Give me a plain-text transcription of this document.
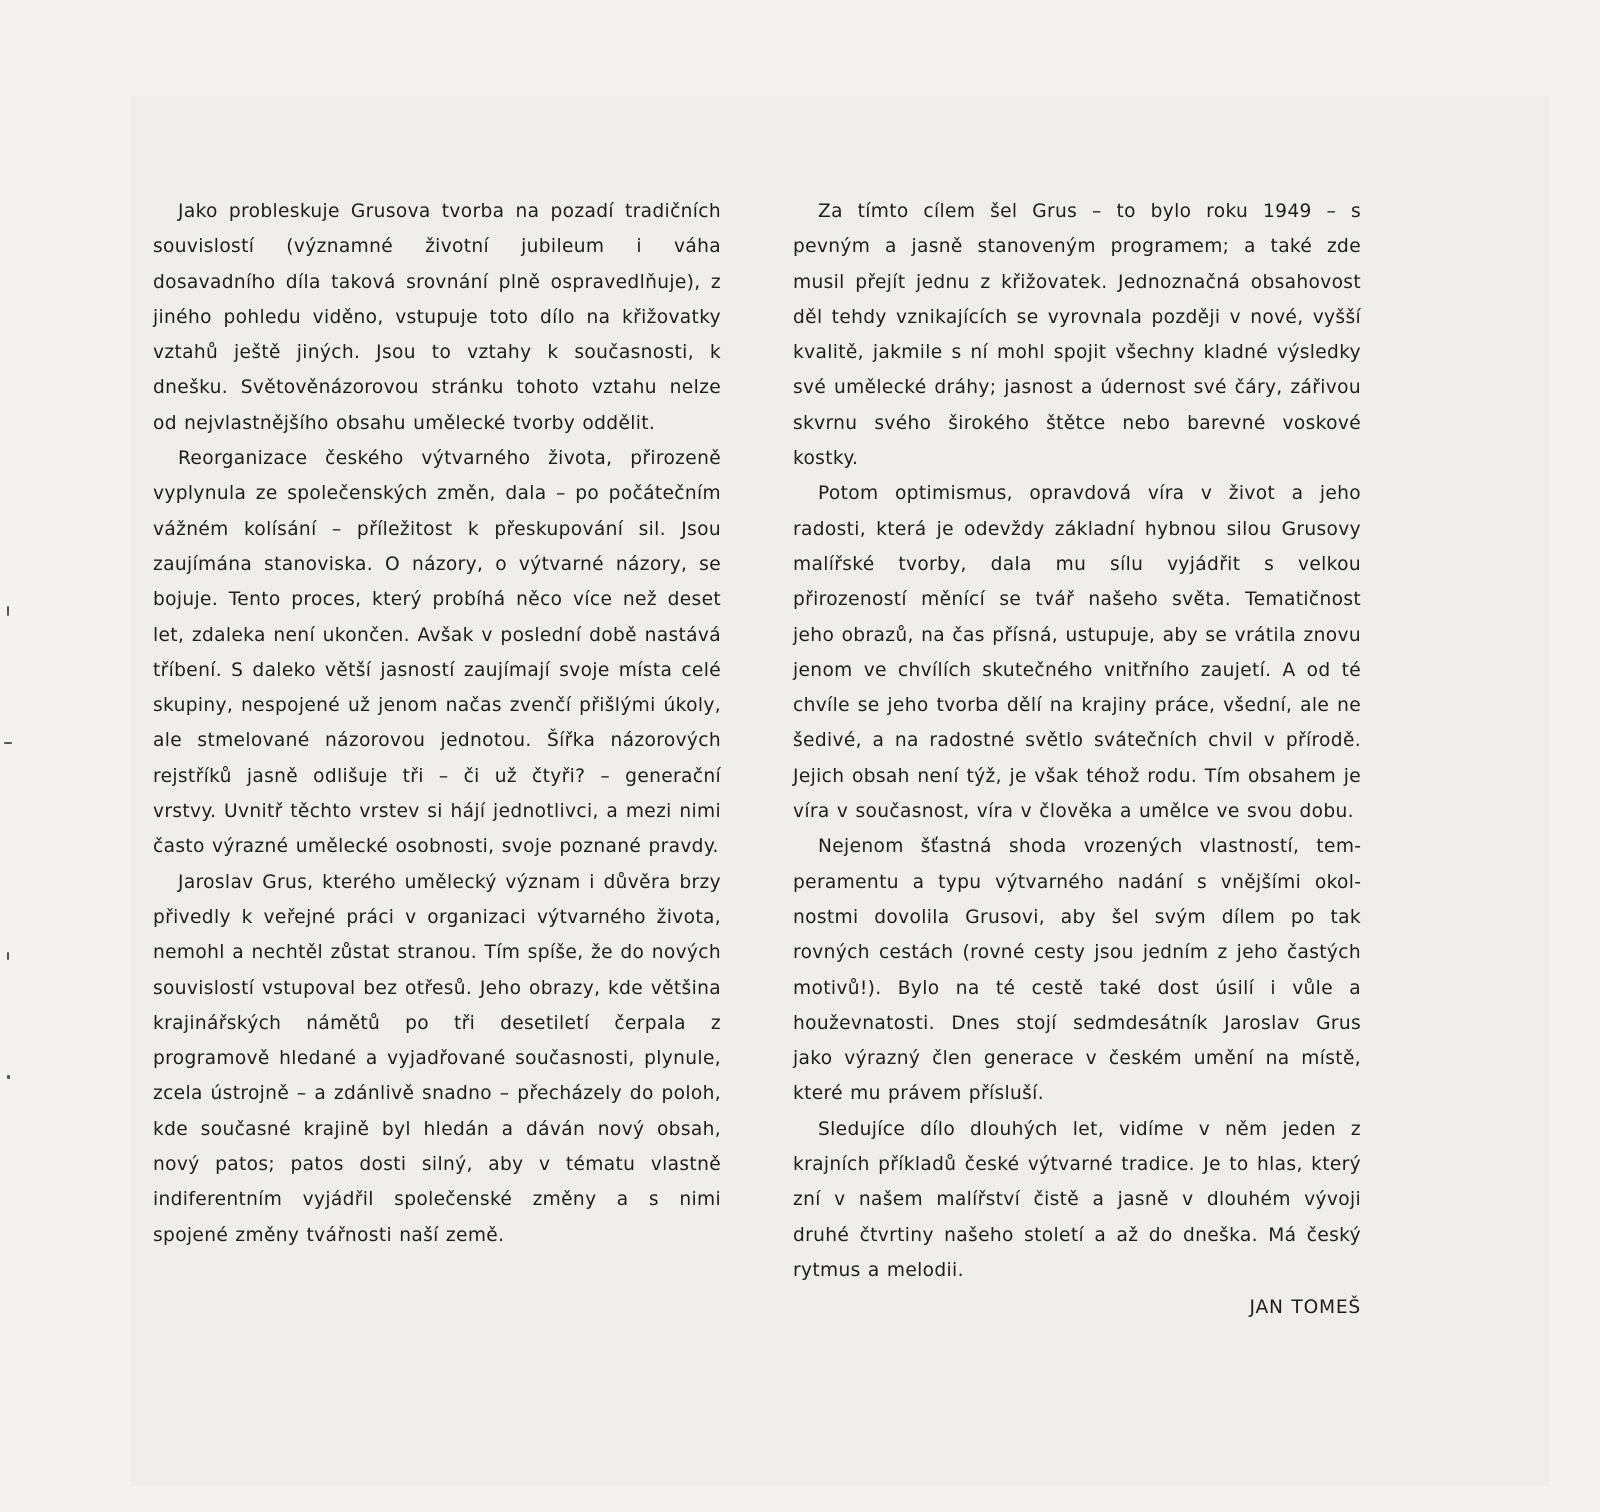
Jako probleskuje Grusova tvorba na pozadí tradičních souvislostí (významné životní jubileum i váha dosavadního díla taková srovnání plně ospravedlňuje), z jiného pohledu viděno, vstupuje toto dílo na křižovatky vztahů ještě jiných. Jsou to vztahy k současnosti, k dnešku. Světověnázorovou stránku tohoto vztahu nelze od nejvlastnějšího obsahu umělecké tvorby oddělit.

Reorganizace českého výtvarného života, přirozeně vyplynula ze společenských změn, dala – po počátečním vážném kolísání – příležitost k přeskupování sil. Jsou zaujímána stanoviska. O názory, o výtvarné názory, se bojuje. Tento proces, který probíhá něco více než deset let, zdaleka není ukončen. Avšak v poslední době nastává tříbení. S daleko větší jasností zaujímají svoje místa celé skupiny, nespojené už jenom načas zvenčí přišlými úkoly, ale stmelované názorovou jednotou. Šířka názorových rejstříků jasně odlišuje tři – či už čtyři? – generační vrstvy. Uvnitř těchto vrstev si hájí jednotlivci, a mezi nimi často výrazné umělecké osobnosti, svoje poznané pravdy.

Jaroslav Grus, kterého umělecký význam i důvěra brzy přivedly k veřejné práci v organizaci výtvarného života, nemohl a nechtěl zůstat stranou. Tím spíše, že do nových souvislostí vstupoval bez otřesů. Jeho obrazy, kde většina krajinářských námětů po tři desetiletí čerpala z programově hledané a vyjadřované současnosti, plynule, zcela ústrojně – a zdánlivě snadno – přecházely do poloh, kde současné krajině byl hledán a dáván nový obsah, nový patos; patos dosti silný, aby v tématu vlastně indiferentním vyjádřil společenské změny a s nimi spojené změny tvářnosti naší země.

Za tímto cílem šel Grus – to bylo roku 1949 – s pevným a jasně stanoveným programem; a také zde musil přejít jednu z křižovatek. Jednoznačná obsahovost děl tehdy vznikajících se vyrovnala později v nové, vyšší kvalitě, jakmile s ní mohl spojit všechny kladné výsledky své umělecké dráhy; jasnost a údernost své čáry, zářivou skvrnu svého širokého štětce nebo barevné voskové kostky.

Potom optimismus, opravdová víra v život a jeho radosti, která je odevždy základní hybnou silou Grusovy malířské tvorby, dala mu sílu vyjádřit s velkou přirozeností měnící se tvář našeho světa. Tematičnost jeho obrazů, na čas přísná, ustupuje, aby se vrátila znovu jenom ve chvílích skutečného vnitřního zaujetí. A od té chvíle se jeho tvorba dělí na krajiny práce, všední, ale ne šedivé, a na radostné světlo svátečních chvil v přírodě. Jejich obsah není týž, je však téhož rodu. Tím obsahem je víra v současnost, víra v člověka a umělce ve svou dobu.

Nejenom šťastná shoda vrozených vlastností, temperamentu a typu výtvarného nadání s vnějšími okolnostmi dovolila Grusovi, aby šel svým dílem po tak rovných cestách (rovné cesty jsou jedním z jeho častých motivů!). Bylo na té cestě také dost úsilí i vůle a houževnatosti. Dnes stojí sedmdesátník Jaroslav Grus jako výrazný člen generace v českém umění na místě, které mu právem přísluší.

Sledujíce dílo dlouhých let, vidíme v něm jeden z krajních příkladů české výtvarné tradice. Je to hlas, který zní v našem malířství čistě a jasně v dlouhém vývoji druhé čtvrtiny našeho století a až do dneška. Má český rytmus a melodii.

JAN TOMEŠ
